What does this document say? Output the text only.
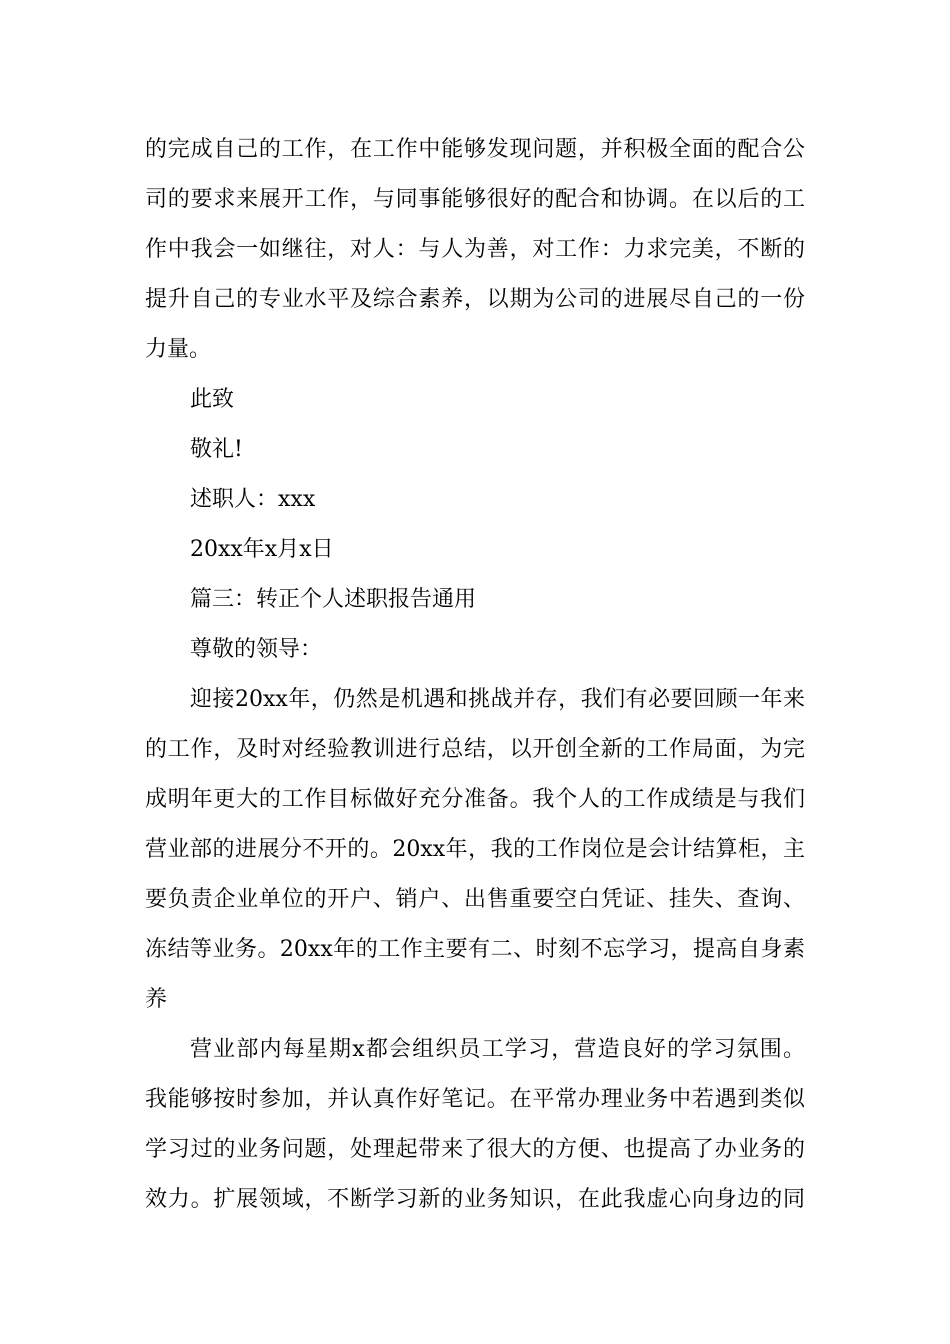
的完成自己的工作，在工作中能够发现问题，并积极全面的配合公
司的要求来展开工作，与同事能够很好的配合和协调。在以后的工
作中我会一如继往，对人：与人为善，对工作：力求完美，不断的
提升自己的专业水平及综合素养，以期为公司的进展尽自己的一份
力量。
此致
敬礼!
述职人：xxx
20xx年x月x日
篇三：转正个人述职报告通用
尊敬的领导：
迎接20xx年，仍然是机遇和挑战并存，我们有必要回顾一年来
的工作，及时对经验教训进行总结，以开创全新的工作局面，为完
成明年更大的工作目标做好充分准备。我个人的工作成绩是与我们
营业部的进展分不开的。20xx年，我的工作岗位是会计结算柜，主
要负责企业单位的开户、销户、出售重要空白凭证、挂失、查询、
冻结等业务。20xx年的工作主要有二、时刻不忘学习，提高自身素
养
营业部内每星期x都会组织员工学习，营造良好的学习氛围。
我能够按时参加，并认真作好笔记。在平常办理业务中若遇到类似
学习过的业务问题，处理起带来了很大的方便、也提高了办业务的
效力。扩展领域，不断学习新的业务知识，在此我虚心向身边的同
